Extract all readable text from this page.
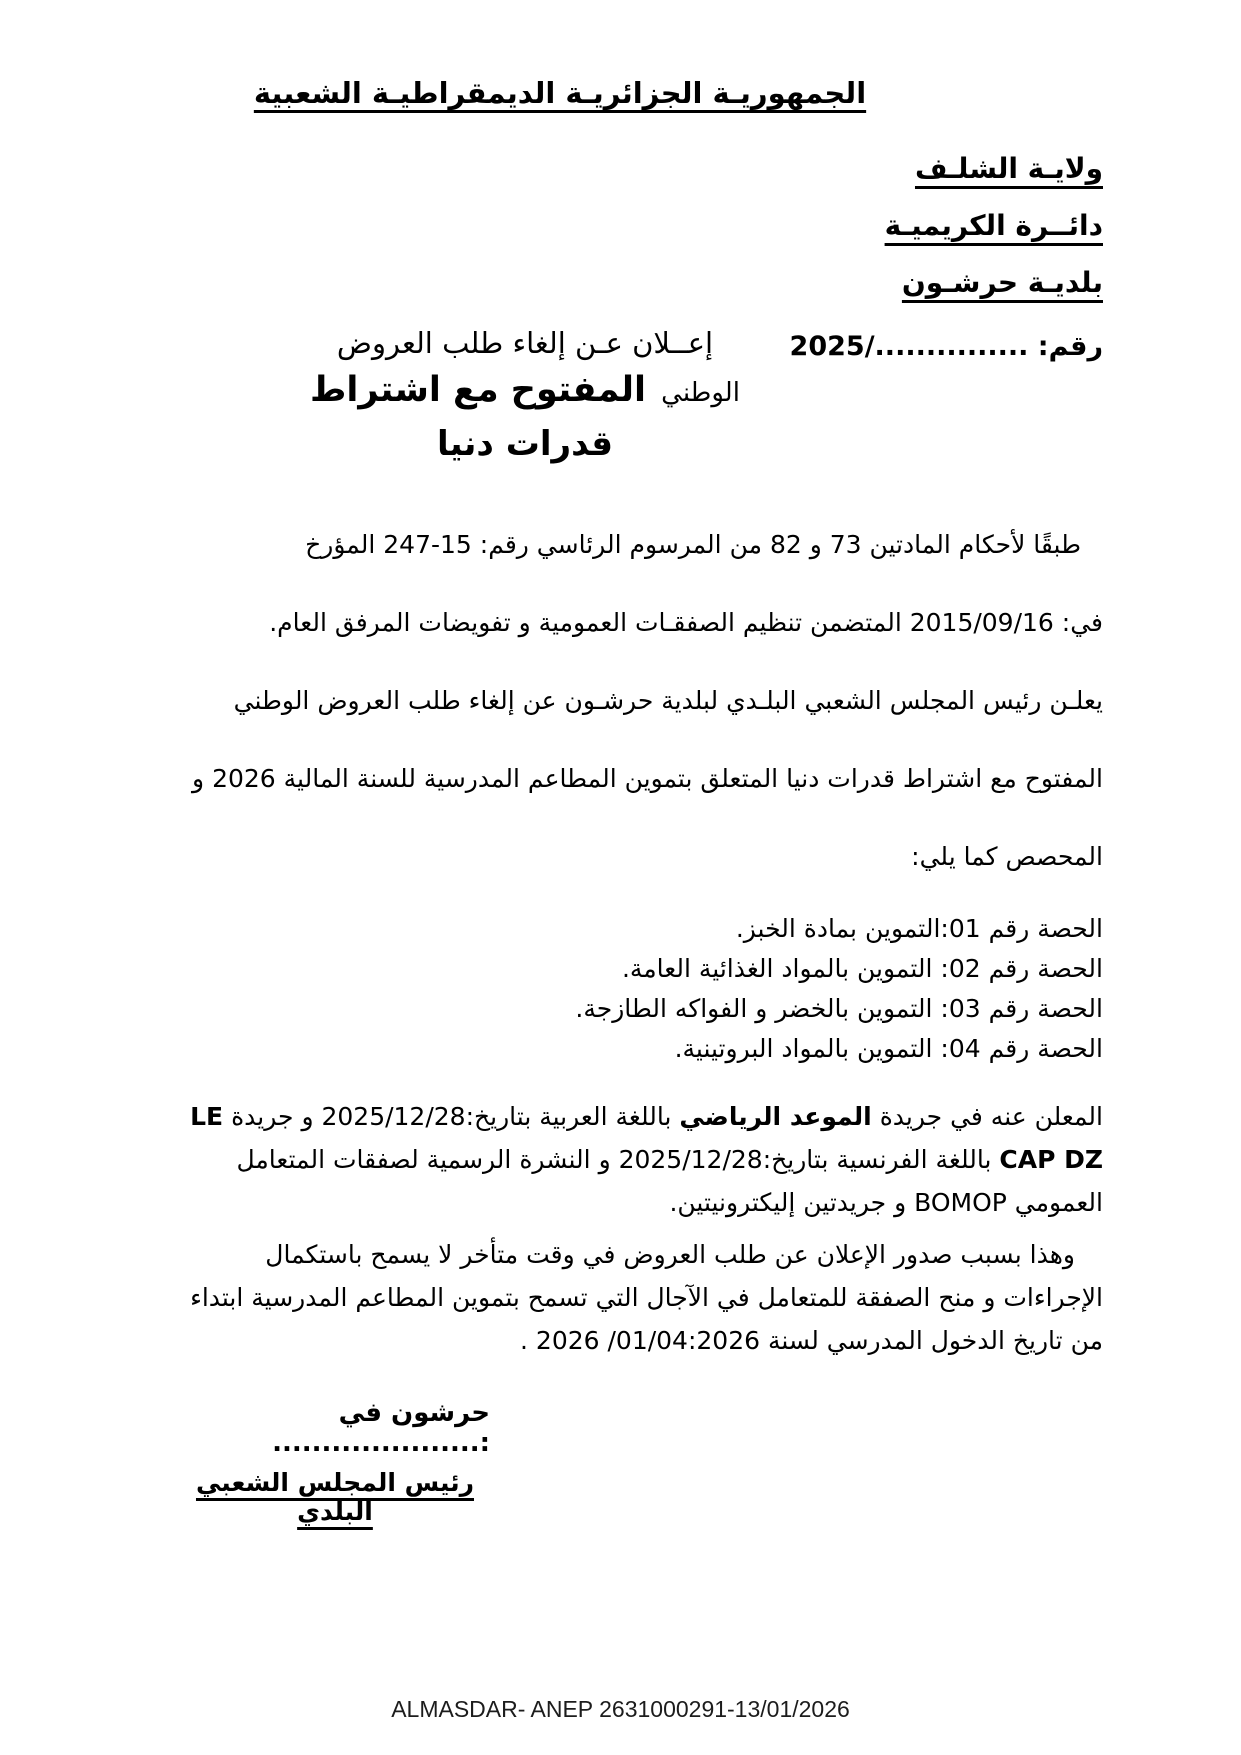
الجمهوريـة الجزائريـة الديمقراطيـة الشعبية
ولايـة الشلـف
دائــرة الكريميـة
بلديـة حرشـون
رقم: .............../2025
إعــلان عـن إلغاء طلب العروض
الوطني المفتوح مع اشتراط
قدرات دنيا
طبقًا لأحكام المادتين 73 و 82 من المرسوم الرئاسي رقم: 15-247 المؤرخ
في: 2015/09/16 المتضمن تنظيم الصفقـات العمومية و تفويضات المرفق العام.
يعلـن رئيس المجلس الشعبي البلـدي لبلدية حرشـون عن إلغاء طلب العروض الوطني
المفتوح مع اشتراط قدرات دنيا المتعلق بتموين المطاعم المدرسية للسنة المالية 2026 و
المحصص كما يلي:
الحصة رقم 01:التموين بمادة الخبز.
الحصة رقم 02: التموين بالمواد الغذائية العامة.
الحصة رقم 03: التموين بالخضر و الفواكه الطازجة.
الحصة رقم 04: التموين بالمواد البروتينية.
المعلن عنه في جريدة الموعد الرياضي باللغة العربية بتاريخ:2025/12/28 و جريدة LE
CAP DZ باللغة الفرنسية بتاريخ:2025/12/28 و النشرة الرسمية لصفقات المتعامل
العمومي BOMOP و جريدتين إليكترونيتين.
وهذا بسبب صدور الإعلان عن طلب العروض في وقت متأخر لا يسمح باستكمال
الإجراءات و منح الصفقة للمتعامل في الآجال التي تسمح بتموين المطاعم المدرسية ابتداء
من تاريخ الدخول المدرسي لسنة 01/04:2026/ 2026 .
حرشون في :.....................
رئيس المجلس الشعبي البلدي
ALMASDAR- ANEP 2631000291-13/01/2026
